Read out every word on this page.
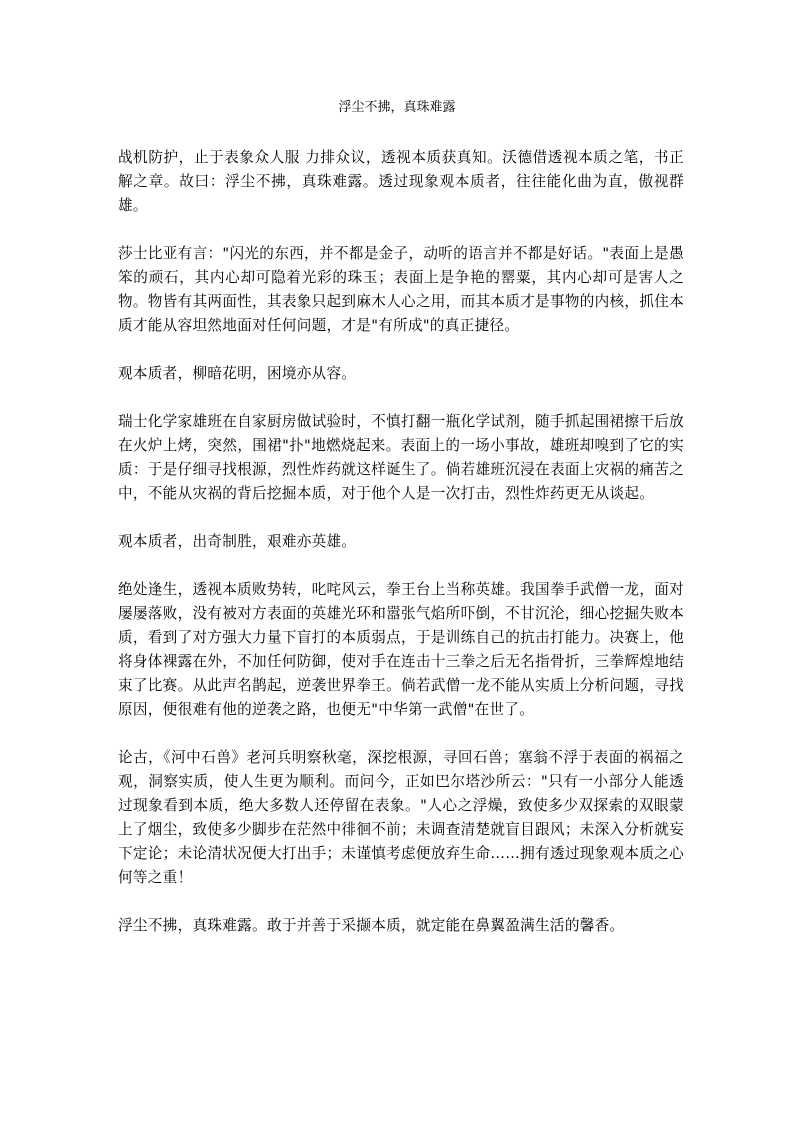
浮尘不拂，真珠难露

战机防护，止于表象众人服 力排众议，透视本质获真知。沃德借透视本质之笔，书正解之章。故曰：浮尘不拂，真珠难露。透过现象观本质者，往往能化曲为直，傲视群雄。

莎士比亚有言："闪光的东西，并不都是金子，动听的语言并不都是好话。"表面上是愚笨的顽石，其内心却可隐着光彩的珠玉；表面上是争艳的罂粟，其内心却可是害人之物。物皆有其两面性，其表象只起到麻木人心之用，而其本质才是事物的内核，抓住本质才能从容坦然地面对任何问题，才是"有所成"的真正捷径。

观本质者，柳暗花明，困境亦从容。

瑞士化学家雄班在自家厨房做试验时，不慎打翻一瓶化学试剂，随手抓起围裙擦干后放在火炉上烤，突然，围裙"扑"地燃烧起来。表面上的一场小事故，雄班却嗅到了它的实质：于是仔细寻找根源，烈性炸药就这样诞生了。倘若雄班沉浸在表面上灾祸的痛苦之中，不能从灾祸的背后挖掘本质，对于他个人是一次打击，烈性炸药更无从谈起。

观本质者，出奇制胜，艰难亦英雄。

绝处逢生，透视本质败势转，叱咤风云，拳王台上当称英雄。我国拳手武僧一龙，面对屡屡落败，没有被对方表面的英雄光环和嚣张气焰所吓倒，不甘沉沦，细心挖掘失败本质，看到了对方强大力量下盲打的本质弱点，于是训练自己的抗击打能力。决赛上，他将身体裸露在外，不加任何防御，使对手在连击十三拳之后无名指骨折，三拳辉煌地结束了比赛。从此声名鹊起，逆袭世界拳王。倘若武僧一龙不能从实质上分析问题，寻找原因，便很难有他的逆袭之路，也便无"中华第一武僧"在世了。

论古，《河中石兽》老河兵明察秋毫，深挖根源，寻回石兽；塞翁不浮于表面的祸福之观，洞察实质，使人生更为顺利。而问今，正如巴尔塔沙所云："只有一小部分人能透过现象看到本质，绝大多数人还停留在表象。"人心之浮燥，致使多少双探索的双眼蒙上了烟尘，致使多少脚步在茫然中徘徊不前；未调查清楚就盲目跟风；未深入分析就妄下定论；未论清状况便大打出手；未谨慎考虑便放弃生命……拥有透过现象观本质之心何等之重！

浮尘不拂，真珠难露。敢于并善于采撷本质，就定能在鼻翼盈满生活的馨香。
